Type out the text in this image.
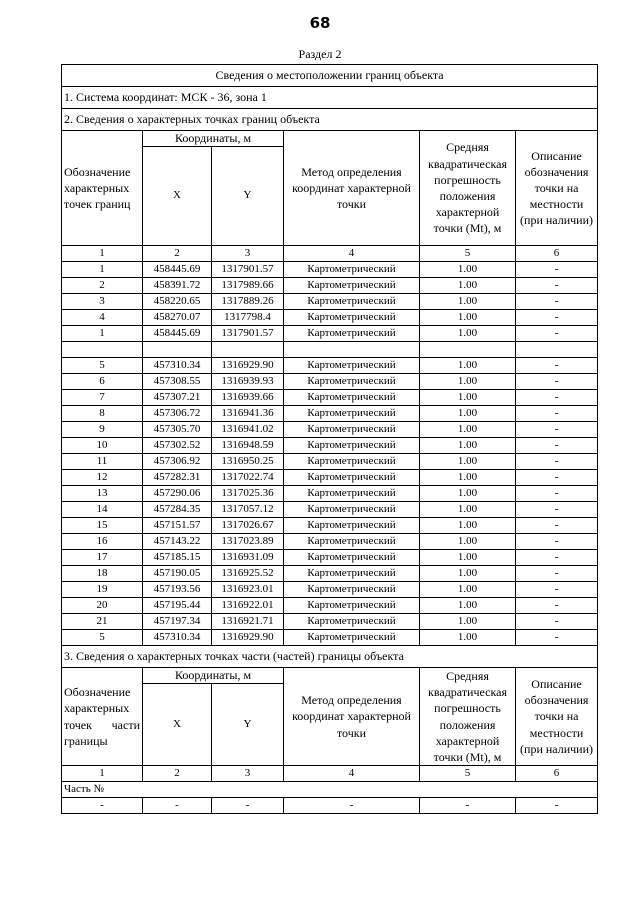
68
Раздел 2
Сведения о местоположении границ объекта					
1. Система координат: МСК - 36, зона 1					
2. Сведения о характерных точках границ объекта					
Обозначение характерных точек границ	Координаты, м		Метод определения координат характерной точки	Средняя квадратическая погрешность положения характерной точки (Mt), м	Описание обозначения точки на местности (при наличии)
	X	Y			
1	2	3	4	5	6
1	458445.69	1317901.57	Картометрический	1.00	-
2	458391.72	1317989.66	Картометрический	1.00	-
3	458220.65	1317889.26	Картометрический	1.00	-
4	458270.07	1317798.4	Картометрический	1.00	-
1	458445.69	1317901.57	Картометрический	1.00	-

5	457310.34	1316929.90	Картометрический	1.00	-
6	457308.55	1316939.93	Картометрический	1.00	-
7	457307.21	1316939.66	Картометрический	1.00	-
8	457306.72	1316941.36	Картометрический	1.00	-
9	457305.70	1316941.02	Картометрический	1.00	-
10	457302.52	1316948.59	Картометрический	1.00	-
11	457306.92	1316950.25	Картометрический	1.00	-
12	457282.31	1317022.74	Картометрический	1.00	-
13	457290.06	1317025.36	Картометрический	1.00	-
14	457284.35	1317057.12	Картометрический	1.00	-
15	457151.57	1317026.67	Картометрический	1.00	-
16	457143.22	1317023.89	Картометрический	1.00	-
17	457185.15	1316931.09	Картометрический	1.00	-
18	457190.05	1316925.52	Картометрический	1.00	-
19	457193.56	1316923.01	Картометрический	1.00	-
20	457195.44	1316922.01	Картометрический	1.00	-
21	457197.34	1316921.71	Картометрический	1.00	-
5	457310.34	1316929.90	Картометрический	1.00	-
3. Сведения о характерных точках части (частей) границы объекта					
Обозначение характерных точек части границы	Координаты, м		Метод определения координат характерной точки	Средняя квадратическая погрешность положения характерной точки (Mt), м	Описание обозначения точки на местности (при наличии)
	X	Y			
1	2	3	4	5	6
Часть №					
-	-	-	-	-	-
